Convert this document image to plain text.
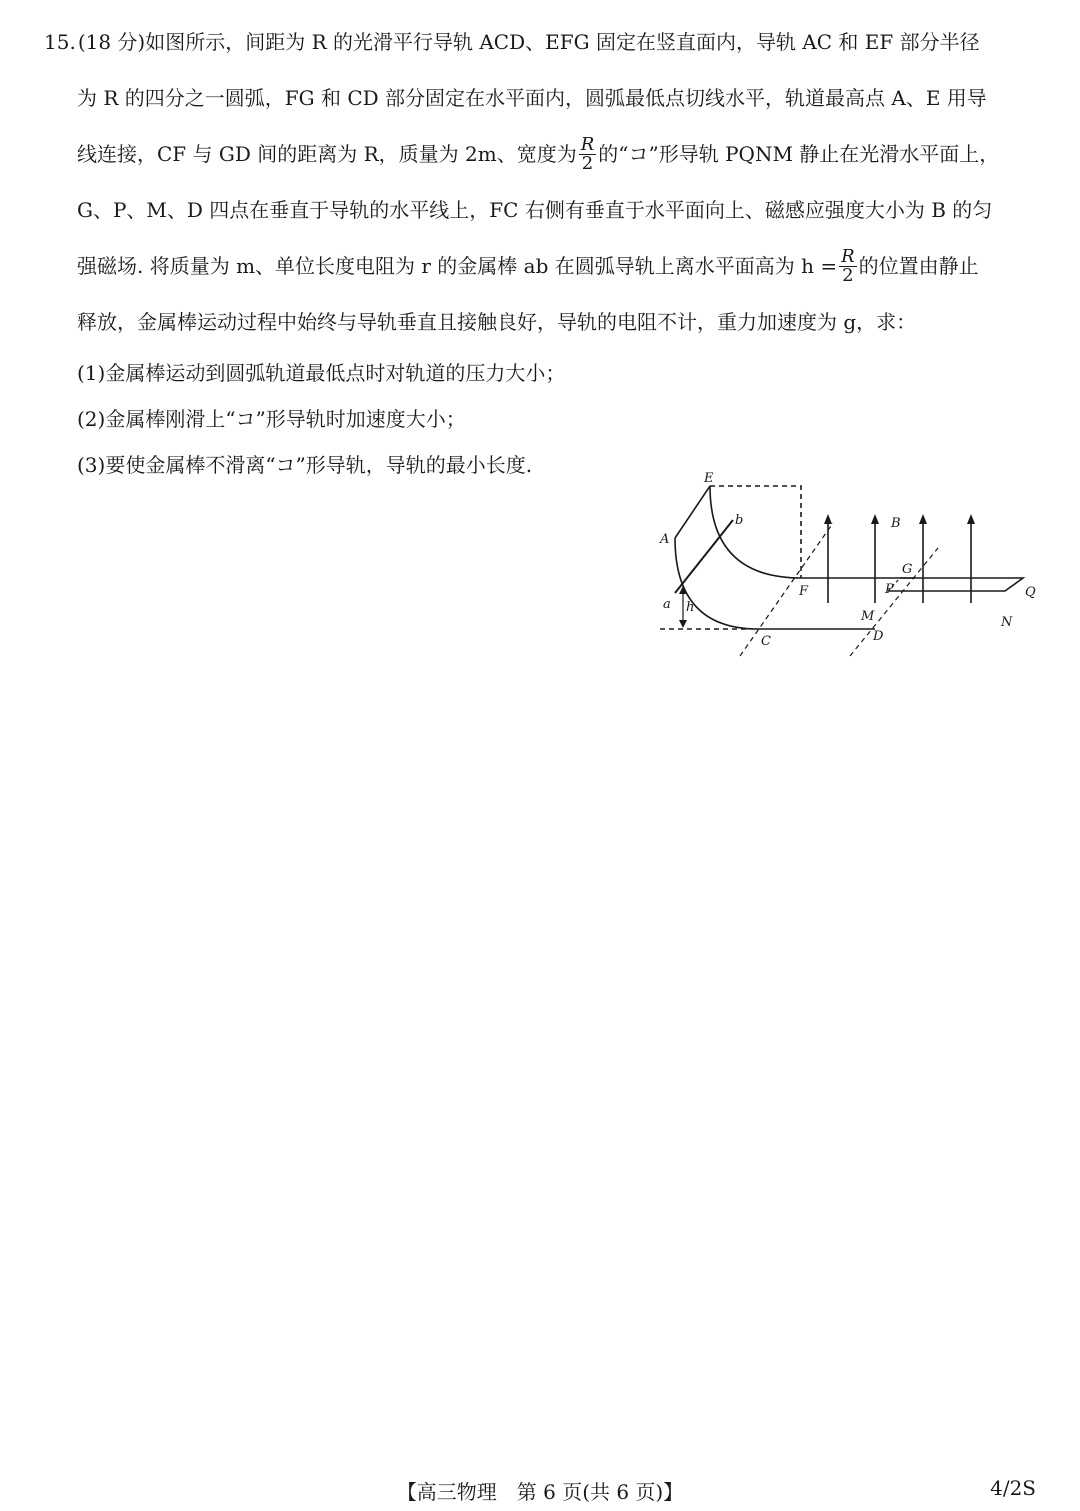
15. (18 分)如图所示，间距为 R 的光滑平行导轨 ACD、EFG 固定在竖直面内，导轨 AC 和 EF 部分半径
为 R 的四分之一圆弧，FG 和 CD 部分固定在水平面内，圆弧最低点切线水平，轨道最高点 A、E 用导
线连接，CF 与 GD 间的距离为 R，质量为 2m、宽度为 $\frac{R}{2}$ 的“コ”形导轨 PQNM 静止在光滑水平面上，
G、P、M、D 四点在垂直于导轨的水平线上，FC 右侧有垂直于水平面向上、磁感应强度大小为 B 的匀
强磁场. 将质量为 m、单位长度电阻为 r 的金属棒 ab 在圆弧导轨上离水平面高为 $h = \frac{R}{2}$ 的位置由静止
释放，金属棒运动过程中始终与导轨垂直且接触良好，导轨的电阻不计，重力加速度为 g，求：
(1)金属棒运动到圆弧轨道最低点时对轨道的压力大小；
(2)金属棒刚滑上“コ”形导轨时加速度大小；
(3)要使金属棒不滑离“コ”形导轨，导轨的最小长度.
E
A
b
a h
F
C
B
G
P
M
D
Q
N
【高三物理　第 6 页(共 6 页)】	4/2S
